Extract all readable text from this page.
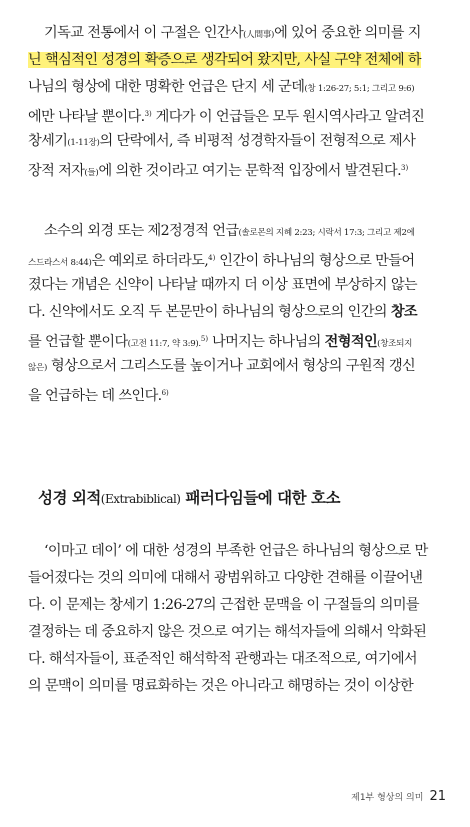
기독교 전통에서 이 구절은 인간사(人間事)에 있어 중요한 의미를 지
닌 핵심적인 성경의 확증으로 생각되어 왔지만, 사실 구약 전체에 하
나님의 형상에 대한 명확한 언급은 단지 세 군데(창 1:26-27; 5:1; 그리고 9:6)
에만 나타날 뿐이다.$^{3)}$ 게다가 이 언급들은 모두 원시역사라고 알려진
창세기(1-11장)의 단락에서, 즉 비평적 성경학자들이 전형적으로 제사
장적 저자(들)에 의한 것이라고 여기는 문학적 입장에서 발견된다.$^{3)}$

소수의 외경 또는 제2정경적 언급(솔로몬의 지혜 2:23; 시락서 17:3; 그리고 제2에
스드라스서 8:44)은 예외로 하더라도,$^{4)}$ 인간이 하나님의 형상으로 만들어
졌다는 개념은 신약이 나타날 때까지 더 이상 표면에 부상하지 않는
다. 신약에서도 오직 두 본문만이 하나님의 형상으로의 인간의 창조
를 언급할 뿐이다(고전 11:7, 약 3:9).$^{5)}$ 나머지는 하나님의 전형적인(창조되지
않은) 형상으로서 그리스도를 높이거나 교회에서 형상의 구원적 갱신
을 언급하는 데 쓰인다.$^{6)}$

성경 외적(Extrabiblical) 패러다임들에 대한 호소

‘이마고 데이’ 에 대한 성경의 부족한 언급은 하나님의 형상으로 만
들어졌다는 것의 의미에 대해서 광범위하고 다양한 견해를 이끌어낸
다. 이 문제는 창세기 1:26-27의 근접한 문맥을 이 구절들의 의미를
결정하는 데 중요하지 않은 것으로 여기는 해석자들에 의해서 악화된
다. 해석자들이, 표준적인 해석학적 관행과는 대조적으로, 여기에서
의 문맥이 의미를 명료화하는 것은 아니라고 해명하는 것이 이상한

제1부 형상의 의미 21
